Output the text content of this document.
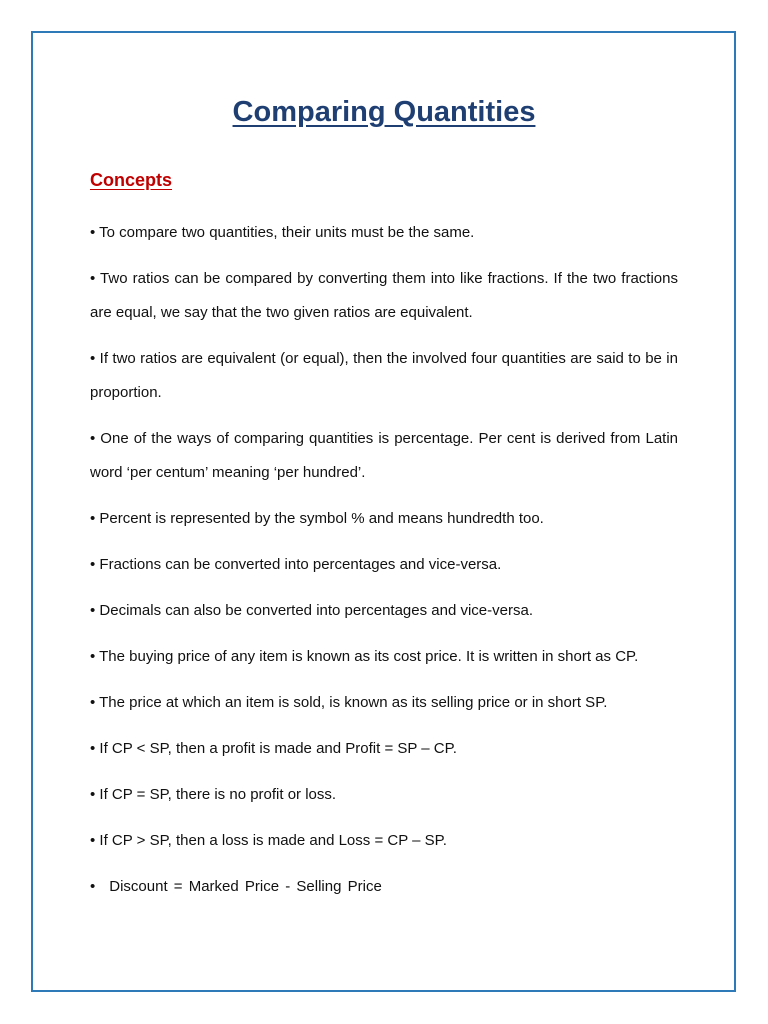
Comparing Quantities
Concepts
• To compare two quantities, their units must be the same.
• Two ratios can be compared by converting them into like fractions. If the two fractions are equal, we say that the two given ratios are equivalent.
• If two ratios are equivalent (or equal), then the involved four quantities are said to be in proportion.
• One of the ways of comparing quantities is percentage. Per cent is derived from Latin word ‘per centum’ meaning ‘per hundred’.
• Percent is represented by the symbol % and means hundredth too.
• Fractions can be converted into percentages and vice-versa.
• Decimals can also be converted into percentages and vice-versa.
• The buying price of any item is known as its cost price. It is written in short as CP.
• The price at which an item is sold, is known as its selling price or in short SP.
• If CP < SP, then a profit is made and Profit = SP – CP.
• If CP = SP, there is no profit or loss.
• If CP > SP, then a loss is made and Loss = CP – SP.
• Discount = Marked Price - Selling Price
